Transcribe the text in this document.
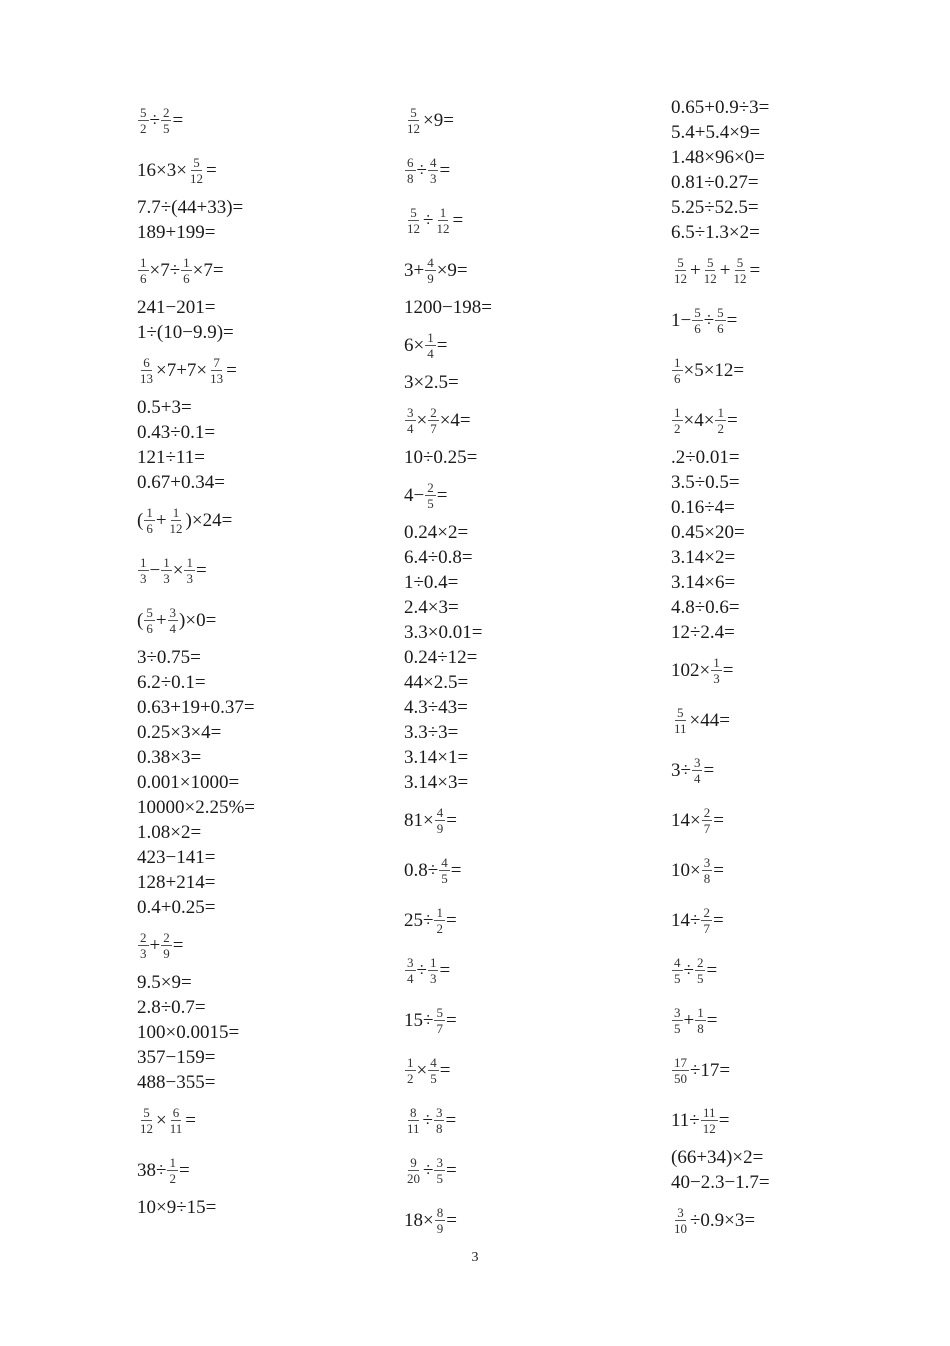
$\frac{5}{2} \div \frac{2}{5}$ =
$16\times 3\times \frac{5}{12}$ =
7.7÷(44+33)=
189+199=
$\frac{1}{6} \times 7\div \frac{1}{6} \times 7=$
241−201=
1÷(10−9.9)=
$\frac{6}{13} \times 7+7\times \frac{7}{13}$ =
0.5+3=
0.43÷0.1=
121÷11=
0.67+0.34=
( $\frac{1}{6} + \frac{1}{12} )\times 24=$
$\frac{1}{3} - \frac{1}{3} \times \frac{1}{3}$ =
( $\frac{5}{6} + \frac{3}{4} )\times 0=$
3÷0.75=
6.2÷0.1=
0.63+19+0.37=
0.25×3×4=
0.38×3=
0.001×1000=
10000×2.25%=
1.08×2=
423−141=
128+214=
0.4+0.25=
$\frac{2}{3} + \frac{2}{9}$ =
9.5×9=
2.8÷0.7=
100×0.0015=
357−159=
488−355=
$\frac{5}{12} \times \frac{6}{11}$ =
$38\div \frac{1}{2}$ =
10×9÷15=
$\frac{5}{12} \times 9=$
$\frac{6}{8} \div \frac{4}{3}$ =
$\frac{5}{12} \div \frac{1}{12}$ =
$3+ \frac{4}{9} \times 9=$
1200−198=
$6\times \frac{1}{4}$ =
3×2.5=
$\frac{3}{4} \times \frac{2}{7} \times 4=$
10÷0.25=
$4- \frac{2}{5}$ =
0.24×2=
6.4÷0.8=
1÷0.4=
2.4×3=
3.3×0.01=
0.24÷12=
44×2.5=
4.3÷43=
3.3÷3=
3.14×1=
3.14×3=
$81\times \frac{4}{9}$ =
$0.8\div \frac{4}{5}$ =
$25\div \frac{1}{2}$ =
$\frac{3}{4} \div \frac{1}{3}$ =
$15\div \frac{5}{7}$ =
$\frac{1}{2} \times \frac{4}{5}$ =
$\frac{8}{11} \div \frac{3}{8}$ =
$\frac{9}{20} \div \frac{3}{5}$ =
$18\times \frac{8}{9}$ =
0.65+0.9÷3=
5.4+5.4×9=
1.48×96×0=
0.81÷0.27=
5.25÷52.5=
6.5÷1.3×2=
$\frac{5}{12} + \frac{5}{12} + \frac{5}{12}$ =
$1- \frac{5}{6} \div \frac{5}{6}$ =
$\frac{1}{6} \times 5\times 12=$
$\frac{1}{2} \times 4\times \frac{1}{2}$ =
.2÷0.01=
3.5÷0.5=
0.16÷4=
0.45×20=
3.14×2=
3.14×6=
4.8÷0.6=
12÷2.4=
$102\times \frac{1}{3}$ =
$\frac{5}{11} \times 44=$
$3\div \frac{3}{4}$ =
$14\times \frac{2}{7}$ =
$10\times \frac{3}{8}$ =
$14\div \frac{2}{7}$ =
$\frac{4}{5} \div \frac{2}{5}$ =
$\frac{3}{5} + \frac{1}{8}$ =
$\frac{17}{50} \div 17=$
$11\div \frac{11}{12}$ =
(66+34)×2=
40−2.3−1.7=
$\frac{3}{10} \div 0.9\times 3=$
3
